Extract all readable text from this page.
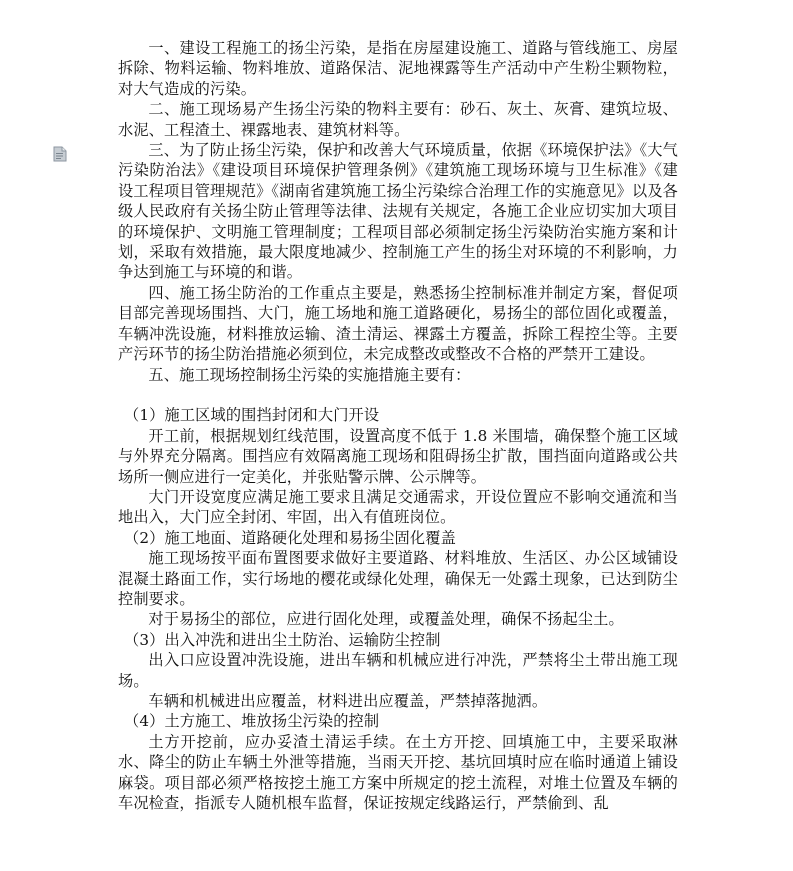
一、建设工程施工的扬尘污染，是指在房屋建设施工、道路与管线施工、房屋拆除、物料运输、物料堆放、道路保洁、泥地裸露等生产活动中产生粉尘颗物粒，对大气造成的污染。

二、施工现场易产生扬尘污染的物料主要有：砂石、灰土、灰膏、建筑垃圾、水泥、工程渣土、裸露地表、建筑材料等。

三、为了防止扬尘污染，保护和改善大气环境质量，依据《环境保护法》《大气污染防治法》《建设项目环境保护管理条例》《建筑施工现场环境与卫生标准》《建设工程项目管理规范》《湖南省建筑施工扬尘污染综合治理工作的实施意见》以及各级人民政府有关扬尘防止管理等法律、法规有关规定，各施工企业应切实加大项目的环境保护、文明施工管理制度；工程项目部必须制定扬尘污染防治实施方案和计划，采取有效措施，最大限度地减少、控制施工产生的扬尘对环境的不利影响，力争达到施工与环境的和谐。

四、施工扬尘防治的工作重点主要是，熟悉扬尘控制标准并制定方案，督促项目部完善现场围挡、大门，施工场地和施工道路硬化，易扬尘的部位固化或覆盖，车辆冲洗设施，材料推放运输、渣土清运、裸露土方覆盖，拆除工程控尘等。主要产污环节的扬尘防治措施必须到位，未完成整改或整改不合格的严禁开工建设。

五、施工现场控制扬尘污染的实施措施主要有：

（1）施工区域的围挡封闭和大门开设

开工前，根据规划红线范围，设置高度不低于 1.8 米围墙，确保整个施工区域与外界充分隔离。围挡应有效隔离施工现场和阻碍扬尘扩散，围挡面向道路或公共场所一侧应进行一定美化，并张贴警示牌、公示牌等。

大门开设宽度应满足施工要求且满足交通需求，开设位置应不影响交通流和当地出入，大门应全封闭、牢固，出入有值班岗位。

（2）施工地面、道路硬化处理和易扬尘固化覆盖

施工现场按平面布置图要求做好主要道路、材料堆放、生活区、办公区域铺设混凝土路面工作，实行场地的樱花或绿化处理，确保无一处露土现象，已达到防尘控制要求。

对于易扬尘的部位，应进行固化处理，或覆盖处理，确保不扬起尘土。

（3）出入冲洗和进出尘土防治、运输防尘控制

出入口应设置冲洗设施，进出车辆和机械应进行冲洗，严禁将尘土带出施工现场。

车辆和机械进出应覆盖，材料进出应覆盖，严禁掉落抛洒。

（4）土方施工、堆放扬尘污染的控制

土方开挖前，应办妥渣土清运手续。在土方开挖、回填施工中，主要采取淋水、降尘的防止车辆土外泄等措施，当雨天开挖、基坑回填时应在临时通道上铺设麻袋。项目部必须严格按挖土施工方案中所规定的挖土流程，对堆土位置及车辆的车况检查，指派专人随机根车监督，保证按规定线路运行，严禁偷到、乱
